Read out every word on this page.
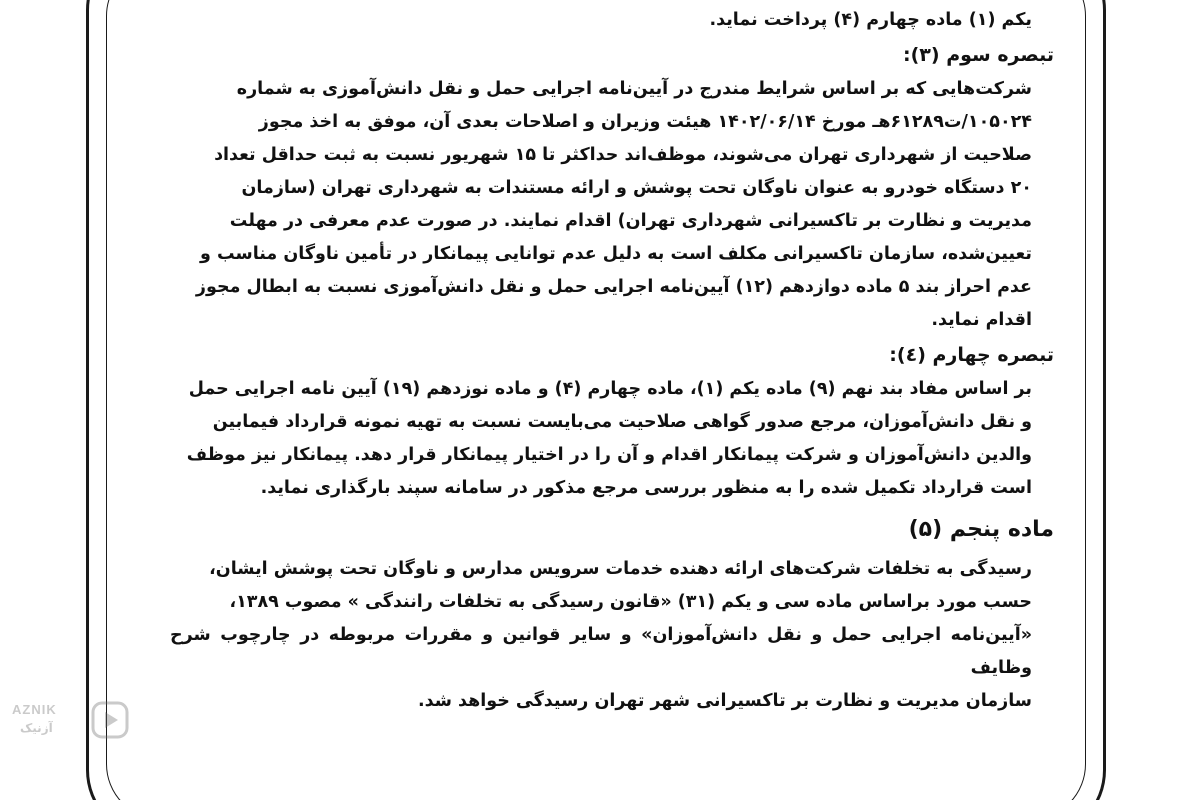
یکم (۱) ماده چهارم (۴) پرداخت نماید.

تبصره سوم (۳):

شرکت‌هایی که بر اساس شرایط مندرج در آیین‌نامه اجرایی حمل و نقل دانش‌آموزی به شماره

۱۰۵۰۲۴/ت۶۱۲۸۹هـ مورخ ۱۴۰۲/۰۶/۱۴ هیئت وزیران و اصلاحات بعدی آن، موفق به اخذ مجوز

صلاحیت از شهرداری تهران می‌شوند، موظف‌اند حداکثر تا ۱۵ شهریور نسبت به ثبت حداقل تعداد

۲۰ دستگاه خودرو به عنوان ناوگان تحت پوشش و ارائه مستندات به شهرداری تهران (سازمان

مدیریت و نظارت بر تاکسیرانی شهرداری تهران) اقدام نمایند. در صورت عدم معرفی در مهلت

تعیین‌شده، سازمان تاکسیرانی مکلف است به دلیل عدم توانایی پیمانکار در تأمین ناوگان مناسب و

عدم احراز بند ۵ ماده دوازدهم (۱۲) آیین‌نامه اجرایی حمل و نقل دانش‌آموزی نسبت به ابطال مجوز

اقدام نماید.

تبصره چهارم (٤):

بر اساس مفاد بند نهم (۹) ماده یکم (۱)، ماده چهارم (۴) و ماده نوزدهم (۱۹) آیین نامه اجرایی حمل

و نقل دانش‌آموزان، مرجع صدور گواهی صلاحیت می‌بایست نسبت به تهیه نمونه قرارداد فیمابین

والدین دانش‌آموزان و شرکت پیمانکار اقدام و آن را در اختیار پیمانکار قرار دهد. پیمانکار نیز موظف

است قرارداد تکمیل شده را به منظور بررسی مرجع مذکور در سامانه سپند بارگذاری نماید.

ماده پنجم (۵)

رسیدگی به تخلفات شرکت‌های ارائه دهنده خدمات سرویس مدارس و ناوگان تحت پوشش ایشان،

حسب مورد براساس ماده سی و یکم (۳۱) «قانون رسیدگی به تخلفات رانندگی » مصوب ۱۳۸۹،

«آیین‌نامه اجرایی حمل و نقل دانش‌آموزان» و سایر قوانین و مقررات مربوطه در چارچوب شرح وظایف

سازمان مدیریت و نظارت بر تاکسیرانی شهر تهران رسیدگی خواهد شد.

AZNIK
آزنیک
